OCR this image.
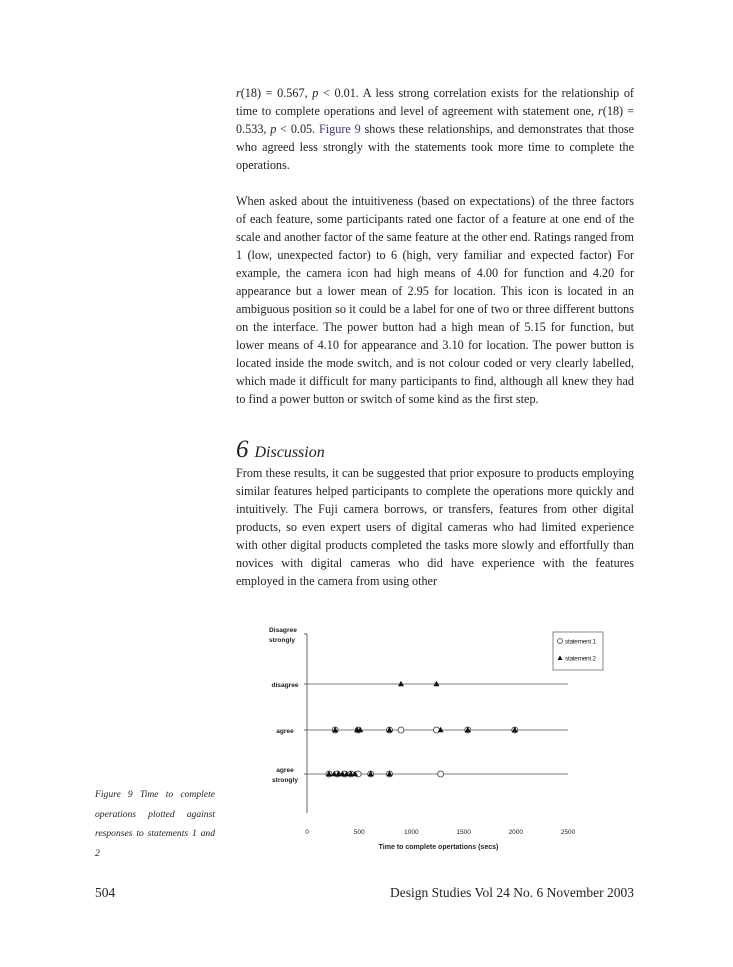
r(18) = 0.567, p < 0.01. A less strong correlation exists for the relationship of time to complete operations and level of agreement with statement one, r(18) = 0.533, p < 0.05. Figure 9 shows these relationships, and demonstrates that those who agreed less strongly with the statements took more time to complete the operations.

When asked about the intuitiveness (based on expectations) of the three factors of each feature, some participants rated one factor of a feature at one end of the scale and another factor of the same feature at the other end. Ratings ranged from 1 (low, unexpected factor) to 6 (high, very familiar and expected factor) For example, the camera icon had high means of 4.00 for function and 4.20 for appearance but a lower mean of 2.95 for location. This icon is located in an ambiguous position so it could be a label for one of two or three different buttons on the interface. The power button had a high mean of 5.15 for function, but lower means of 4.10 for appearance and 3.10 for location. The power button is located inside the mode switch, and is not colour coded or very clearly labelled, which made it difficult for many participants to find, although all knew they had to find a power button or switch of some kind as the first step.

6 Discussion

From these results, it can be suggested that prior exposure to products employing similar features helped participants to complete the operations more quickly and intuitively. The Fuji camera borrows, or transfers, features from other digital products, so even expert users of digital cameras who had limited experience with other digital products completed the tasks more slowly and effortfully than novices with digital cameras who did have experience with the features employed in the camera from using other

Disagree strongly
disagree
agree
agree strongly
0	500	1000	1500	2000	2500
Time to complete opertations (secs)
statement 1
statement 2

Figure 9 Time to complete operations plotted against responses to statements 1 and 2

504	Design Studies Vol 24 No. 6 November 2003
